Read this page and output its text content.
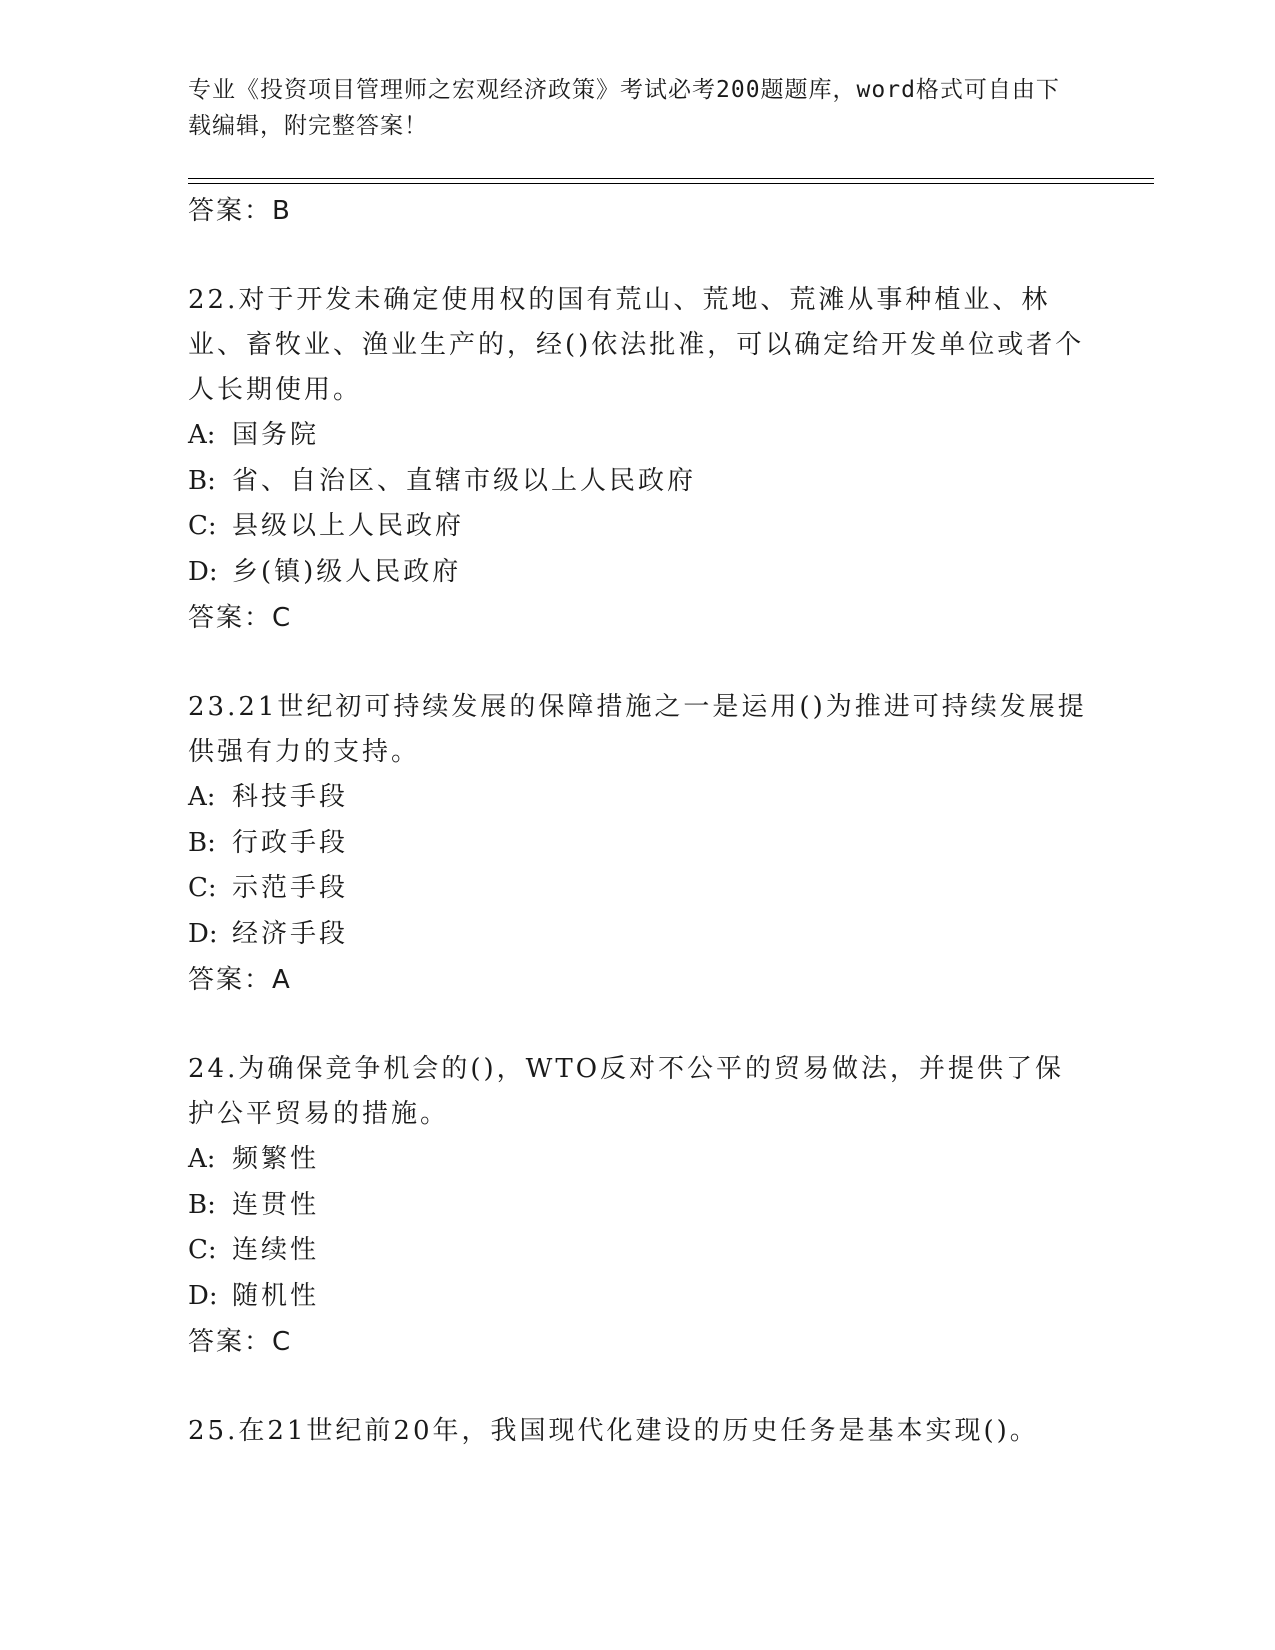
专业《投资项目管理师之宏观经济政策》考试必考200题题库，word格式可自由下载编辑，附完整答案！
答案：B

22.对于开发未确定使用权的国有荒山、荒地、荒滩从事种植业、林业、畜牧业、渔业生产的，经()依法批准，可以确定给开发单位或者个人长期使用。

A: 国务院
B: 省、自治区、直辖市级以上人民政府
C: 县级以上人民政府
D: 乡(镇)级人民政府
答案：C

23.21世纪初可持续发展的保障措施之一是运用()为推进可持续发展提供强有力的支持。

A: 科技手段
B: 行政手段
C: 示范手段
D: 经济手段
答案：A

24.为确保竞争机会的()，WTO反对不公平的贸易做法，并提供了保护公平贸易的措施。

A: 频繁性
B: 连贯性
C: 连续性
D: 随机性
答案：C

25.在21世纪前20年，我国现代化建设的历史任务是基本实现()。
